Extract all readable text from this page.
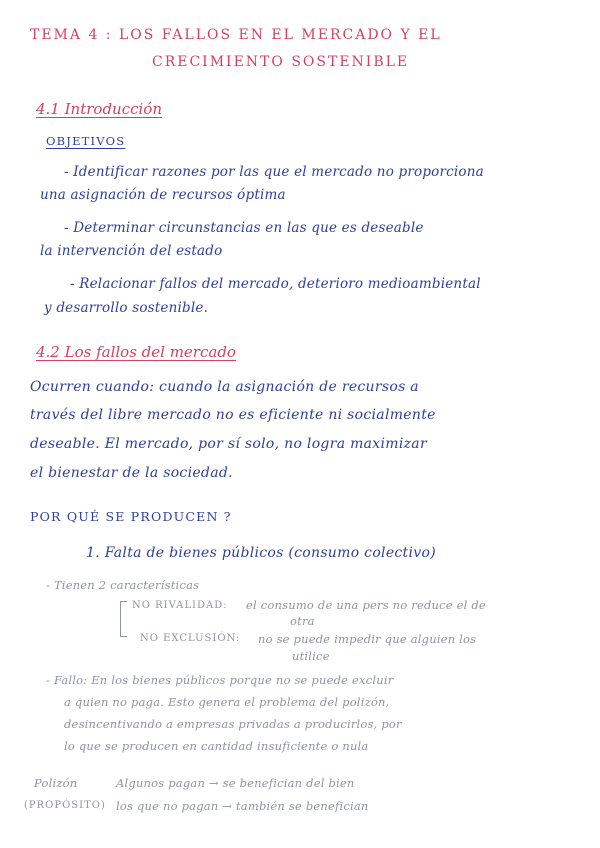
TEMA 4 : LOS FALLOS EN EL MERCADO Y EL
CRECIMIENTO SOSTENIBLE
4.1 Introducción
OBJETIVOS
- Identificar razones por las que el mercado no proporciona
una asignación de recursos óptima
- Determinar circunstancias en las que es deseable
la intervención del estado
- Relacionar fallos del mercado, deterioro medioambiental
y desarrollo sostenible.
4.2 Los fallos del mercado
Ocurren cuando: cuando la asignación de recursos a
través del libre mercado no es eficiente ni socialmente
deseable. El mercado, por sí solo, no logra maximizar
el bienestar de la sociedad.
POR QUÉ SE PRODUCEN ?
1. Falta de bienes públicos (consumo colectivo)
- Tienen 2 características
NO RIVALIDAD: el consumo de una pers no reduce el de
otra
NO EXCLUSIÓN: no se puede impedir que alguien los
utilice
- Fallo: En los bienes públicos porque no se puede excluir
a quien no paga. Esto genera el problema del polizón,
desincentivando a empresas privadas a producirlos, por
lo que se producen en cantidad insuficiente o nula
Polizón
(PROPÓSITO)
Algunos pagan → se benefician del bien
los que no pagan → también se benefician
